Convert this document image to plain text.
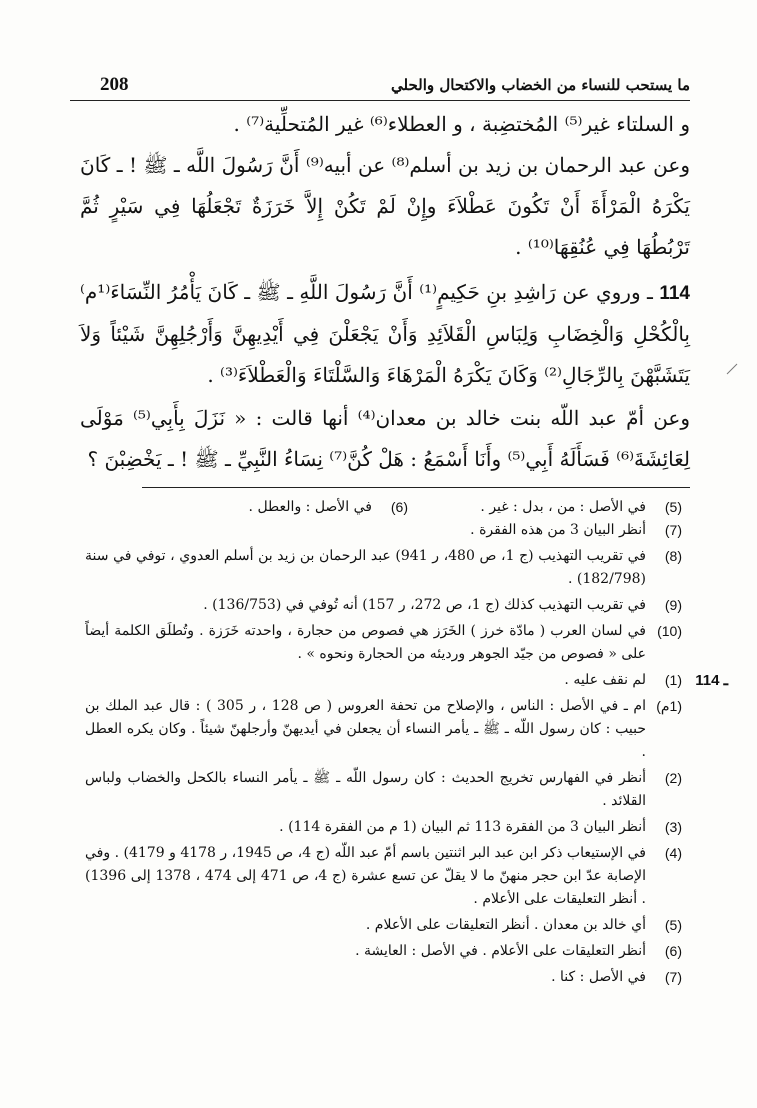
208	ما يستحب للنساء من الخضاب والاكتحال والحلي

و السلتاء غير⁽⁵⁾ المُختضِبة ، و العطلاء⁽⁶⁾ غير المُتحلِّية⁽⁷⁾ .

وعن عبد الرحمان بن زيد بن أسلم⁽⁸⁾ عن أبيه⁽⁹⁾ أَنَّ رَسُولَ اللَّه ـ ﷺ ! ـ كَانَ يَكْرَهُ الْمَرْأَةَ أَنْ تَكُونَ عَطْلاَءَ وإِنْ لَمْ تَكُنْ إِلاَّ خَرَزَةٌ تَجْعَلُهَا فِي سَيْرٍ ثُمَّ تَرْبُطُهَا فِي عُنُقِهَا⁽¹⁰⁾ .

114 ـ وروي عن رَاشِدِ بنِ حَكِيمٍ⁽¹⁾ أَنَّ رَسُولَ اللَّهِ ـ ﷺ ـ كَانَ يَأْمُرُ النِّسَاءَ⁽¹م⁾ بِالْكُحْلِ وَالْخِضَابِ وَلِبَاسِ الْقَلاَئِدِ وَأَنْ يَجْعَلْنَ فِي أَيْدِيهِنَّ وَأَرْجُلِهِنَّ شَيْئاً وَلاَ يَتَشَبَّهْنَ بِالرِّجَالِ⁽²⁾ وَكَانَ يَكْرَهُ الْمَرْهَاءَ وَالسَّلْتَاءَ وَالْعَطْلاَءَ⁽³⁾ .

وعن أمّ عبد اللّه بنت خالد بن معدان⁽⁴⁾ أنها قالت : « نَزَلَ بِأَبِي⁽⁵⁾ مَوْلَى لِعَائِشَةَ⁽⁶⁾ فَسَأَلَهُ أَبِي⁽⁵⁾ وأَنَا أَسْمَعُ : هَلْ كُنَّ⁽⁷⁾ نِسَاءُ النَّبِيِّ ـ ﷺ ! ـ يَخْضِبْنَ ؟

(5)
في الأصل : من ، بدل : غير .
(6)
في الأصل : والعطل .

(7)
أنظر البيان 3 من هذه الفقرة .

(8)
في تقريب التهذيب (ج 1، ص 480، ر 941) عبد الرحمان بن زيد بن أسلم العدوي ، توفي في سنة (182/798) .

(9)
في تقريب التهذيب كذلك (ج 1، ص 272، ر 157) أنه تُوفي في (136/753) .

(10)
في لسان العرب ( مادّة خرز ) الخَرَز هي فصوص من حجارة ، واحدته خَرَزة . وتُطلَق الكلمة أيضاً على « فصوص من جيّد الجوهر ورديئه من الحجارة ونحوه » .

114 ـ
(1)
لم نقف عليه .

(1م)
ام ـ في الأصل : الناس ، والإصلاح من تحفة العروس ( ص 128 ، ر 305 ) : قال عبد الملك بن حبيب : كان رسول اللّه ـ ﷺ ـ يأمر النساء أن يجعلن في أيديهنّ وأرجلهنّ شيئاً . وكان يكره العطل .

(2)
أنظر في الفهارس تخريج الحديث : كان رسول اللّه ـ ﷺ ـ يأمر النساء بالكحل والخضاب ولباس القلائد .

(3)
أنظر البيان 3 من الفقرة 113 ثم البيان (1 م من الفقرة 114) .

(4)
في الإستيعاب ذكر ابن عبد البر اثنتين باسم أمّ عبد اللّه (ج 4، ص 1945، ر 4178 و 4179) . وفي الإصابة عدّ ابن حجر منهنّ ما لا يقلّ عن تسع عشرة (ج 4، ص 471 إلى 474 ، 1378 إلى 1396) . أنظر التعليقات على الأعلام .

(5)
أي خالد بن معدان . أنظر التعليقات على الأعلام .

(6)
أنظر التعليقات على الأعلام . في الأصل : العايشة .

(7)
في الأصل : كنا .
